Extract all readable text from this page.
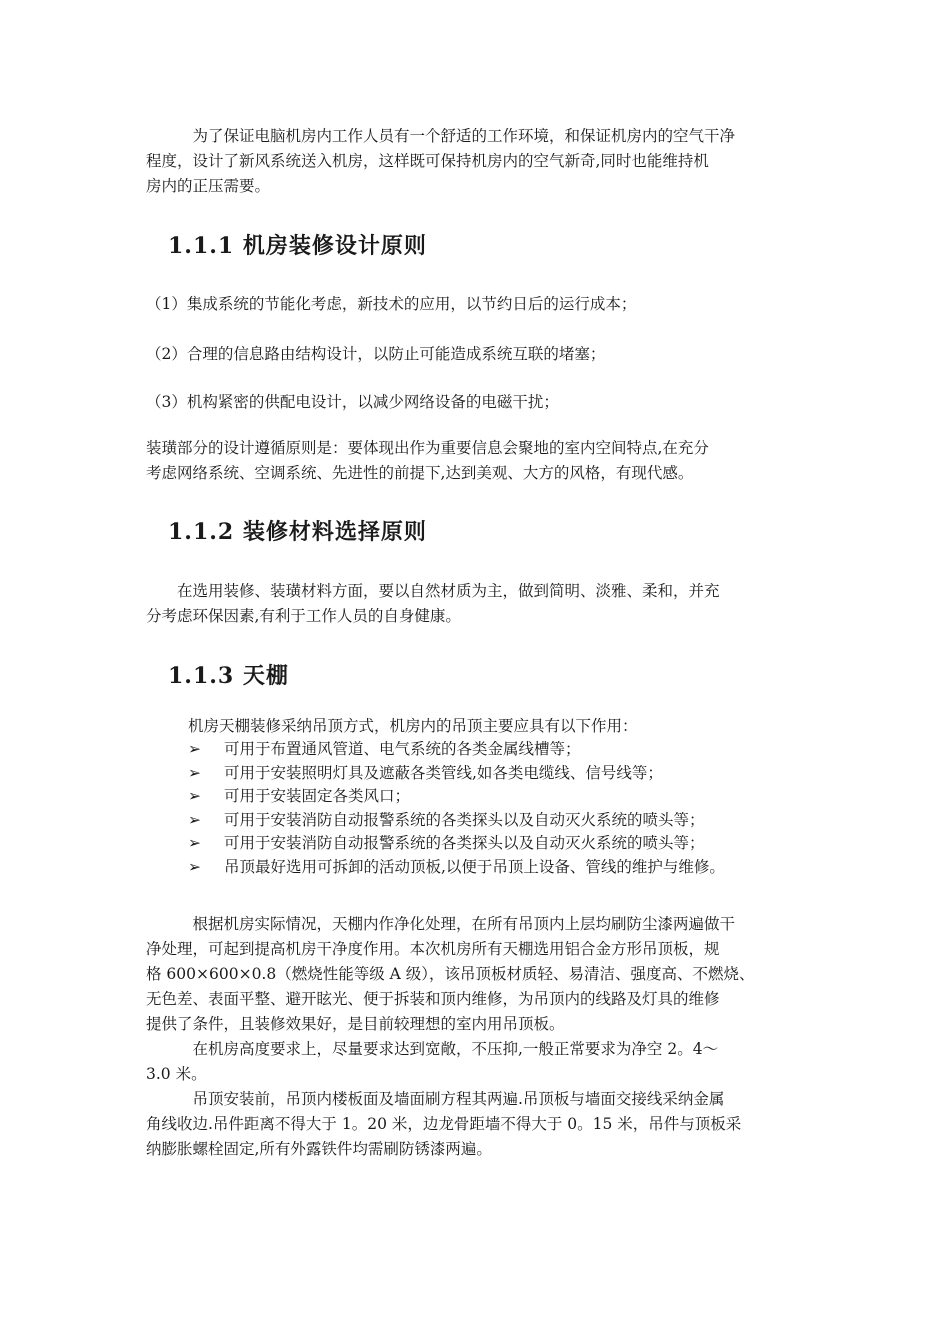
　　　为了保证电脑机房内工作人员有一个舒适的工作环境，和保证机房内的空气干净
程度，设计了新风系统送入机房，这样既可保持机房内的空气新奇,同时也能维持机
房内的正压需要。
1.1.1 机房装修设计原则
（1）集成系统的节能化考虑，新技术的应用，以节约日后的运行成本；
（2）合理的信息路由结构设计，以防止可能造成系统互联的堵塞；
（3）机构紧密的供配电设计，以减少网络设备的电磁干扰；
装璜部分的设计遵循原则是：要体现出作为重要信息会聚地的室内空间特点,在充分
考虑网络系统、空调系统、先进性的前提下,达到美观、大方的风格，有现代感。
1.1.2 装修材料选择原则
　　在选用装修、装璜材料方面，要以自然材质为主，做到简明、淡雅、柔和，并充
分考虑环保因素,有利于工作人员的自身健康。
1.1.3 天棚
机房天棚装修采纳吊顶方式，机房内的吊顶主要应具有以下作用：
➢ 可用于布置通风管道、电气系统的各类金属线槽等；
➢ 可用于安装照明灯具及遮蔽各类管线,如各类电缆线、信号线等；
➢ 可用于安装固定各类风口；
➢ 可用于安装消防自动报警系统的各类探头以及自动灭火系统的喷头等；
➢ 可用于安装消防自动报警系统的各类探头以及自动灭火系统的喷头等；
➢ 吊顶最好选用可拆卸的活动顶板,以便于吊顶上设备、管线的维护与维修。
　　　根据机房实际情况，天棚内作净化处理，在所有吊顶内上层均刷防尘漆两遍做干
净处理，可起到提高机房干净度作用。本次机房所有天棚选用铝合金方形吊顶板，规
格 600×600×0.8（燃烧性能等级 A 级），该吊顶板材质轻、易清洁、强度高、不燃烧、
无色差、表面平整、避开眩光、便于拆装和顶内维修，为吊顶内的线路及灯具的维修
提供了条件，且装修效果好，是目前较理想的室内用吊顶板。
　　　在机房高度要求上，尽量要求达到宽敞，不压抑,一般正常要求为净空 2。4～
3.0 米。
　　　吊顶安装前，吊顶内楼板面及墙面刷方程其两遍.吊顶板与墙面交接线采纳金属
角线收边.吊件距离不得大于 1。20 米，边龙骨距墙不得大于 0。15 米，吊件与顶板采
纳膨胀螺栓固定,所有外露铁件均需刷防锈漆两遍。
